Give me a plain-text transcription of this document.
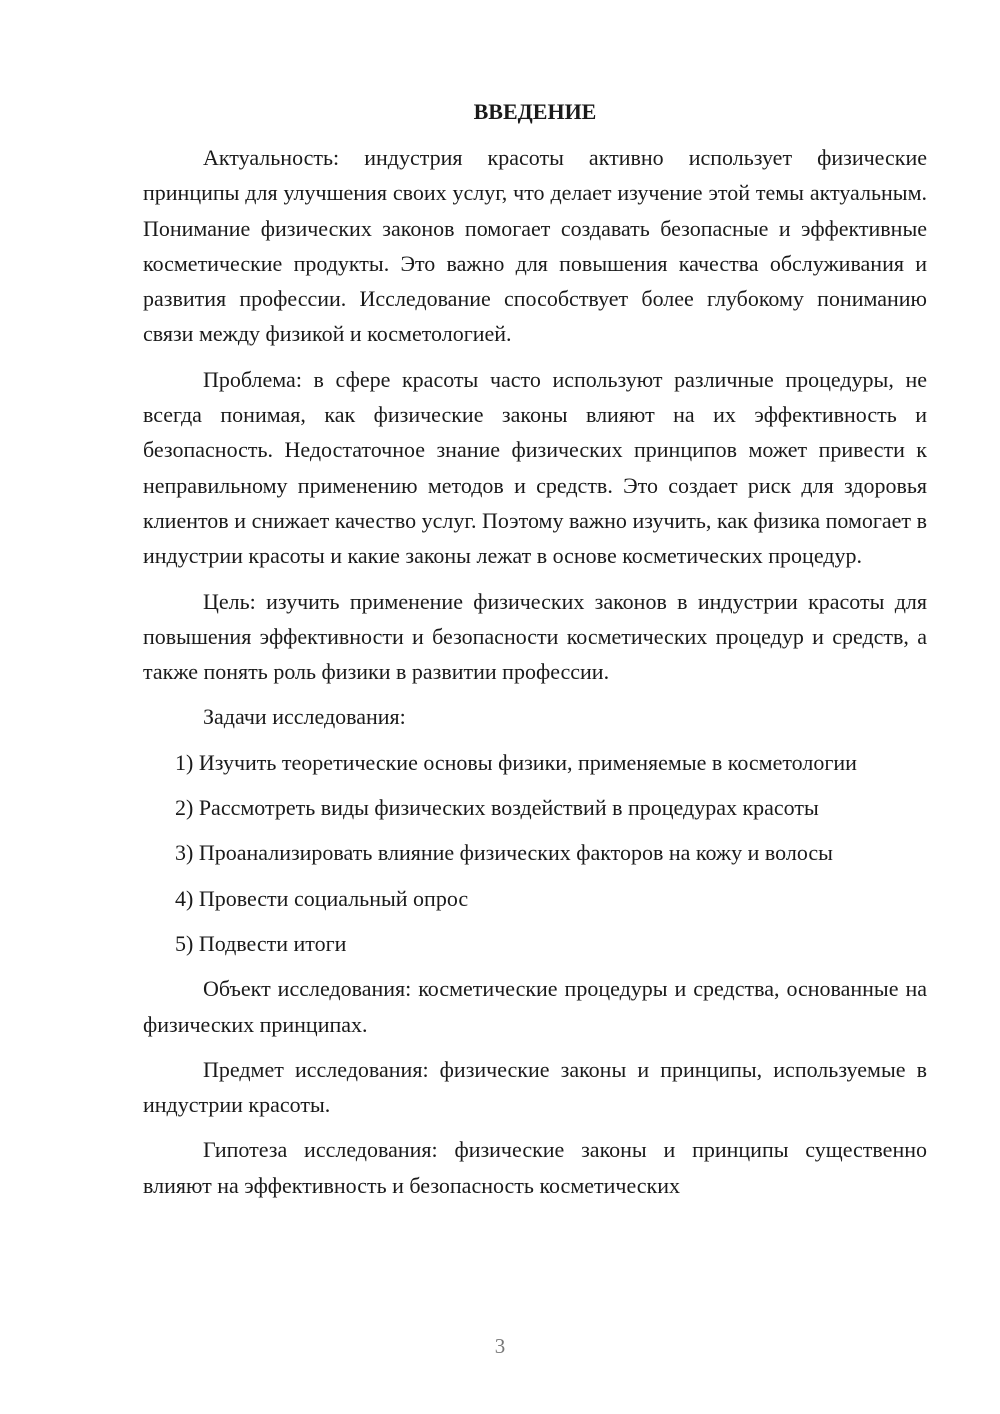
ВВЕДЕНИЕ

Актуальность: индустрия красоты активно использует физические принципы для улучшения своих услуг, что делает изучение этой темы актуальным. Понимание физических законов помогает создавать безопасные и эффективные косметические продукты. Это важно для повышения качества обслуживания и развития профессии. Исследование способствует более глубокому пониманию связи между физикой и косметологией.

Проблема: в сфере красоты часто используют различные процедуры, не всегда понимая, как физические законы влияют на их эффективность и безопасность. Недостаточное знание физических принципов может привести к неправильному применению методов и средств. Это создает риск для здоровья клиентов и снижает качество услуг. Поэтому важно изучить, как физика помогает в индустрии красоты и какие законы лежат в основе косметических процедур.

Цель: изучить применение физических законов в индустрии красоты для повышения эффективности и безопасности косметических процедур и средств, а также понять роль физики в развитии профессии.

Задачи исследования:

1) Изучить теоретические основы физики, применяемые в косметологии

2) Рассмотреть виды физических воздействий в процедурах красоты

3) Проанализировать влияние физических факторов на кожу и волосы

4) Провести социальный опрос

5) Подвести итоги

Объект исследования: косметические процедуры и средства, основанные на физических принципах.

Предмет исследования: физические законы и принципы, используемые в индустрии красоты.

Гипотеза исследования: физические законы и принципы существенно влияют на эффективность и безопасность косметических

3
